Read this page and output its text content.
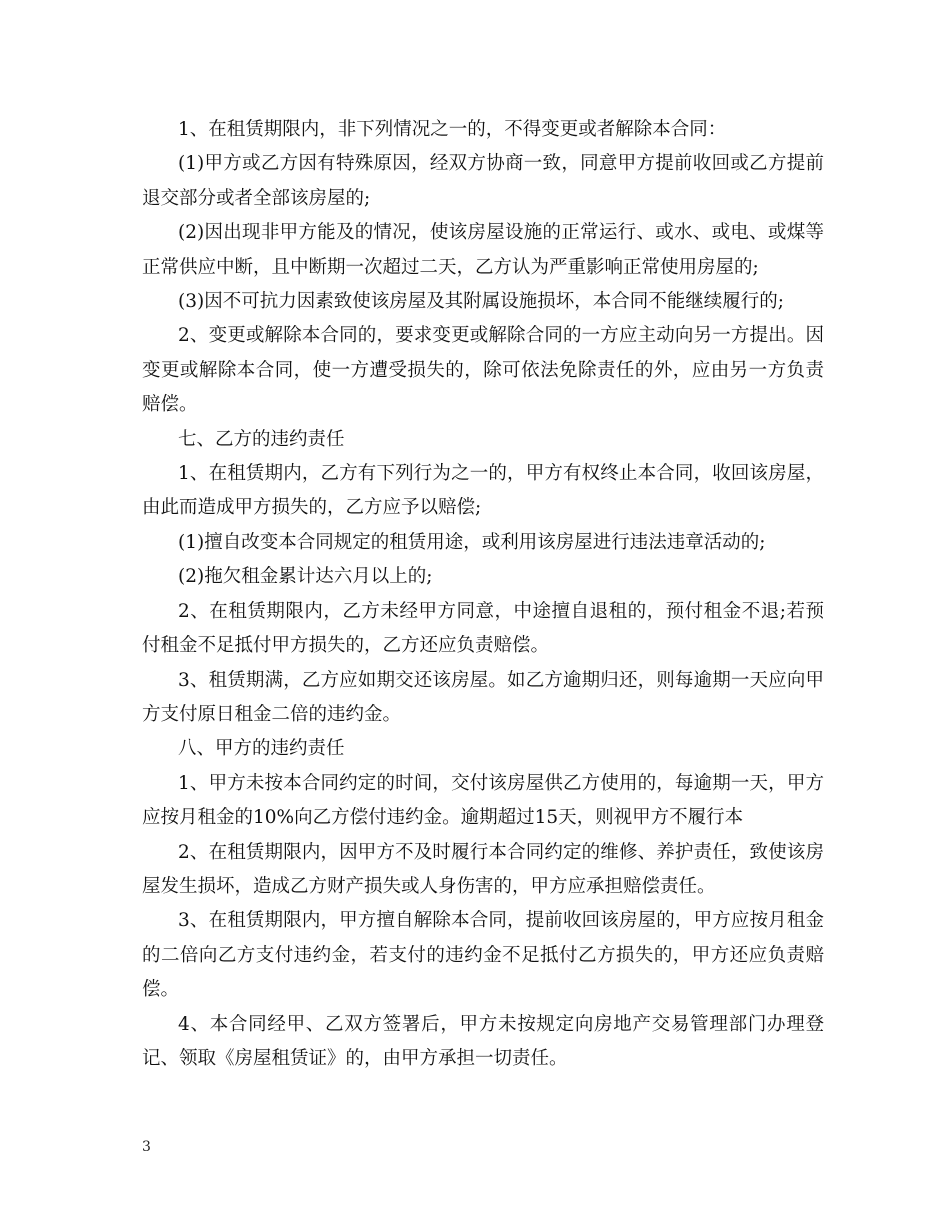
1、在租赁期限内，非下列情况之一的，不得变更或者解除本合同：

(1)甲方或乙方因有特殊原因，经双方协商一致，同意甲方提前收回或乙方提前退交部分或者全部该房屋的;

(2)因出现非甲方能及的情况，使该房屋设施的正常运行、或水、或电、或煤等正常供应中断，且中断期一次超过二天，乙方认为严重影响正常使用房屋的;

(3)因不可抗力因素致使该房屋及其附属设施损坏，本合同不能继续履行的;

2、变更或解除本合同的，要求变更或解除合同的一方应主动向另一方提出。因变更或解除本合同，使一方遭受损失的，除可依法免除责任的外，应由另一方负责赔偿。

七、乙方的违约责任

1、在租赁期内，乙方有下列行为之一的，甲方有权终止本合同，收回该房屋，由此而造成甲方损失的，乙方应予以赔偿;

(1)擅自改变本合同规定的租赁用途，或利用该房屋进行违法违章活动的;

(2)拖欠租金累计达六月以上的;

2、在租赁期限内，乙方未经甲方同意，中途擅自退租的，预付租金不退;若预付租金不足抵付甲方损失的，乙方还应负责赔偿。

3、租赁期满，乙方应如期交还该房屋。如乙方逾期归还，则每逾期一天应向甲方支付原日租金二倍的违约金。

八、甲方的违约责任

1、甲方未按本合同约定的时间，交付该房屋供乙方使用的，每逾期一天，甲方应按月租金的10%向乙方偿付违约金。逾期超过15天，则视甲方不履行本

2、在租赁期限内，因甲方不及时履行本合同约定的维修、养护责任，致使该房屋发生损坏，造成乙方财产损失或人身伤害的，甲方应承担赔偿责任。

3、在租赁期限内，甲方擅自解除本合同，提前收回该房屋的，甲方应按月租金的二倍向乙方支付违约金，若支付的违约金不足抵付乙方损失的，甲方还应负责赔偿。

4、本合同经甲、乙双方签署后，甲方未按规定向房地产交易管理部门办理登记、领取《房屋租赁证》的，由甲方承担一切责任。

3
